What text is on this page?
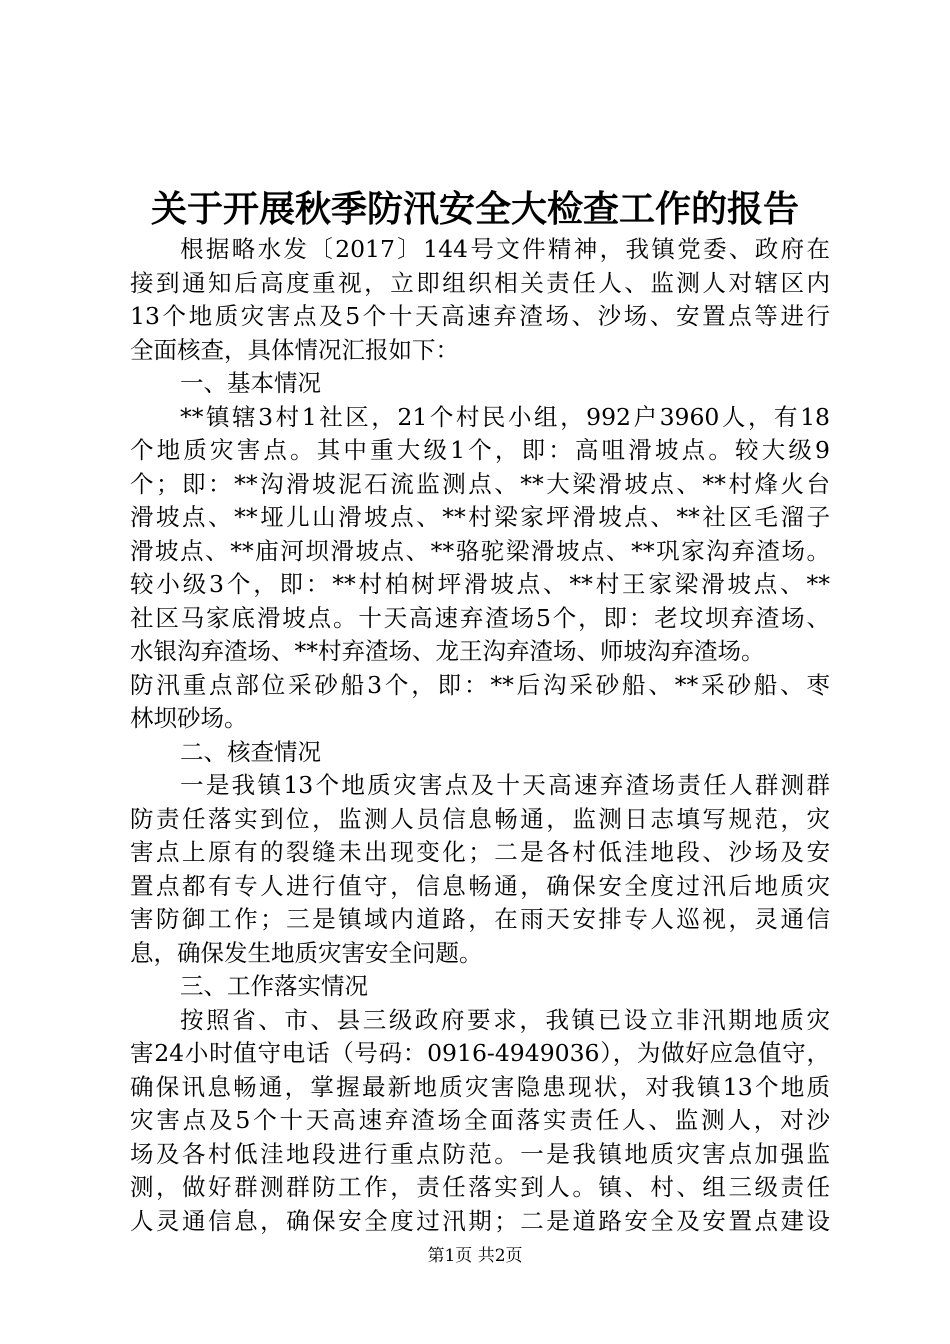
关于开展秋季防汛安全大检查工作的报告
根据略水发〔2017〕144号文件精神，我镇党委、政府在
接到通知后高度重视，立即组织相关责任人、监测人对辖区内
13个地质灾害点及5个十天高速弃渣场、沙场、安置点等进行
全面核查，具体情况汇报如下：
一、基本情况
**镇辖3村1社区，21个村民小组，992户3960人，有18
个地质灾害点。其中重大级1个，即：高咀滑坡点。较大级9
个；即：**沟滑坡泥石流监测点、**大梁滑坡点、**村烽火台
滑坡点、**垭儿山滑坡点、**村梁家坪滑坡点、**社区毛溜子
滑坡点、**庙河坝滑坡点、**骆驼梁滑坡点、**巩家沟弃渣场。
较小级3个，即：**村柏树坪滑坡点、**村王家梁滑坡点、**
社区马家底滑坡点。十天高速弃渣场5个，即：老坟坝弃渣场、
水银沟弃渣场、**村弃渣场、龙王沟弃渣场、师坡沟弃渣场。
防汛重点部位采砂船3个，即：**后沟采砂船、**采砂船、枣
林坝砂场。
二、核查情况
一是我镇13个地质灾害点及十天高速弃渣场责任人群测群
防责任落实到位，监测人员信息畅通，监测日志填写规范，灾
害点上原有的裂缝未出现变化；二是各村低洼地段、沙场及安
置点都有专人进行值守，信息畅通，确保安全度过汛后地质灾
害防御工作；三是镇域内道路，在雨天安排专人巡视，灵通信
息，确保发生地质灾害安全问题。
三、工作落实情况
按照省、市、县三级政府要求，我镇已设立非汛期地质灾
害24小时值守电话（号码：0916-4949036），为做好应急值守，
确保讯息畅通，掌握最新地质灾害隐患现状，对我镇13个地质
灾害点及5个十天高速弃渣场全面落实责任人、监测人，对沙
场及各村低洼地段进行重点防范。一是我镇地质灾害点加强监
测，做好群测群防工作，责任落实到人。镇、村、组三级责任
人灵通信息，确保安全度过汛期；二是道路安全及安置点建设
第1页 共2页
